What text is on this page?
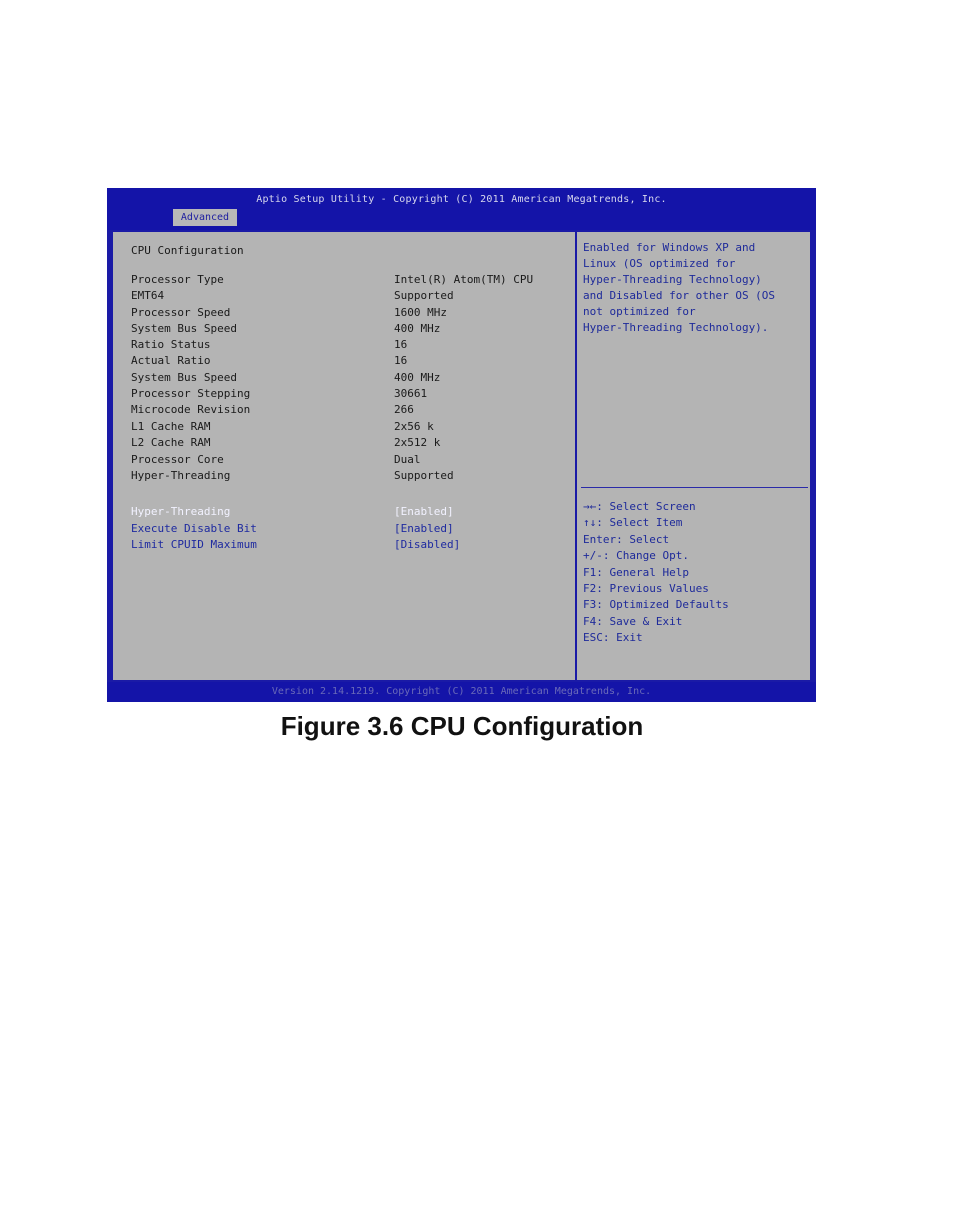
Aptio Setup Utility - Copyright (C) 2011 American Megatrends, Inc.
Advanced
CPU Configuration
Processor Type	Intel(R) Atom(TM) CPU
EMT64	Supported
Processor Speed	1600 MHz
System Bus Speed	400 MHz
Ratio Status	16
Actual Ratio	16
System Bus Speed	400 MHz
Processor Stepping	30661
Microcode Revision	266
L1 Cache RAM	2x56 k
L2 Cache RAM	2x512 k
Processor Core	Dual
Hyper-Threading	Supported
Hyper-Threading	[Enabled]
Execute Disable Bit	[Enabled]
Limit CPUID Maximum	[Disabled]
Enabled for Windows XP and
Linux (OS optimized for
Hyper-Threading Technology)
and Disabled for other OS (OS
not optimized for
Hyper-Threading Technology).
→←: Select Screen
↑↓: Select Item
Enter: Select
+/-: Change Opt.
F1: General Help
F2: Previous Values
F3: Optimized Defaults
F4: Save & Exit
ESC: Exit
Version 2.14.1219. Copyright (C) 2011 American Megatrends, Inc.
Figure 3.6 CPU Configuration
